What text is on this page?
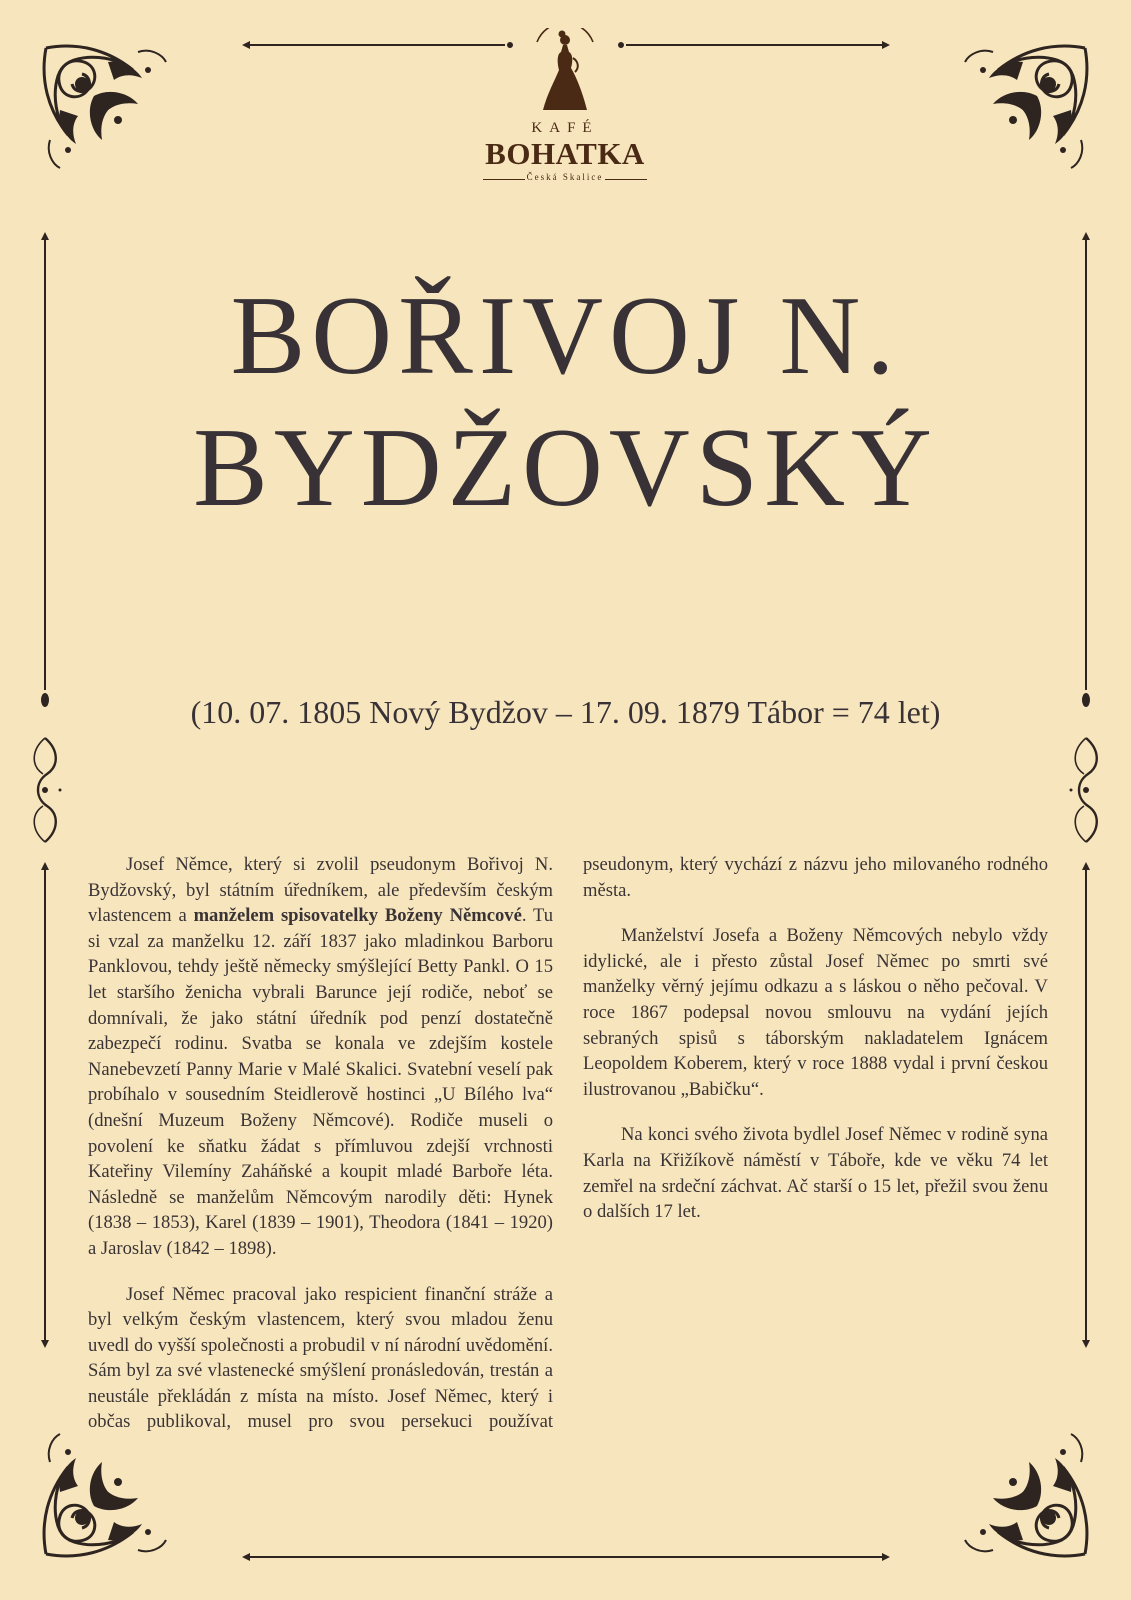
KAFÉ
BOHATKA
Česká Skalice
BOŘIVOJ N.
BYDŽOVSKÝ
(10. 07. 1805 Nový Bydžov – 17. 09. 1879 Tábor = 74 let)

Josef Němce, který si zvolil pseudonym Bořivoj N. Bydžovský, byl státním úředníkem, ale především českým vlastencem a manželem spisovatelky Boženy Němcové. Tu si vzal za manželku 12. září 1837 jako mladinkou Barboru Panklovou, tehdy ještě německy smýšlející Betty Pankl. O 15 let staršího ženicha vybrali Barunce její rodiče, neboť se domnívali, že jako státní úředník pod penzí dostatečně zabezpečí rodinu. Svatba se konala ve zdejším kostele Nanebevzetí Panny Marie v Malé Skalici. Svatební veselí pak probíhalo v sousedním Steidlerově hostinci „U Bílého lva“ (dnešní Muzeum Boženy Němcové). Rodiče museli o povolení ke sňatku žádat s přímluvou zdejší vrchnosti Kateřiny Vilemíny Zaháňské a koupit mladé Barboře léta. Následně se manželům Němcovým narodily děti: Hynek (1838 – 1853), Karel (1839 – 1901), Theodora (1841 – 1920) a Jaroslav (1842 – 1898).

Josef Němec pracoval jako respicient finanční stráže a byl velkým českým vlastencem, který svou mladou ženu uvedl do vyšší společnosti a probudil v ní národní uvědomění. Sám byl za své vlastenecké smýšlení pronásledován, trestán a neustále překládán z místa na místo. Josef Němec, který i občas publikoval, musel pro svou persekuci používat pseudonym, který vychází z názvu jeho milovaného rodného města.

Manželství Josefa a Boženy Němcových nebylo vždy idylické, ale i přesto zůstal Josef Němec po smrti své manželky věrný jejímu odkazu a s láskou o něho pečoval. V roce 1867 podepsal novou smlouvu na vydání jejích sebraných spisů s táborským nakladatelem Ignácem Leopoldem Koberem, který v roce 1888 vydal i první českou ilustrovanou „Babičku“.

Na konci svého života bydlel Josef Němec v rodině syna Karla na Křižíkově náměstí v Táboře, kde ve věku 74 let zemřel na srdeční záchvat. Ač starší o 15 let, přežil svou ženu o dalších 17 let.
